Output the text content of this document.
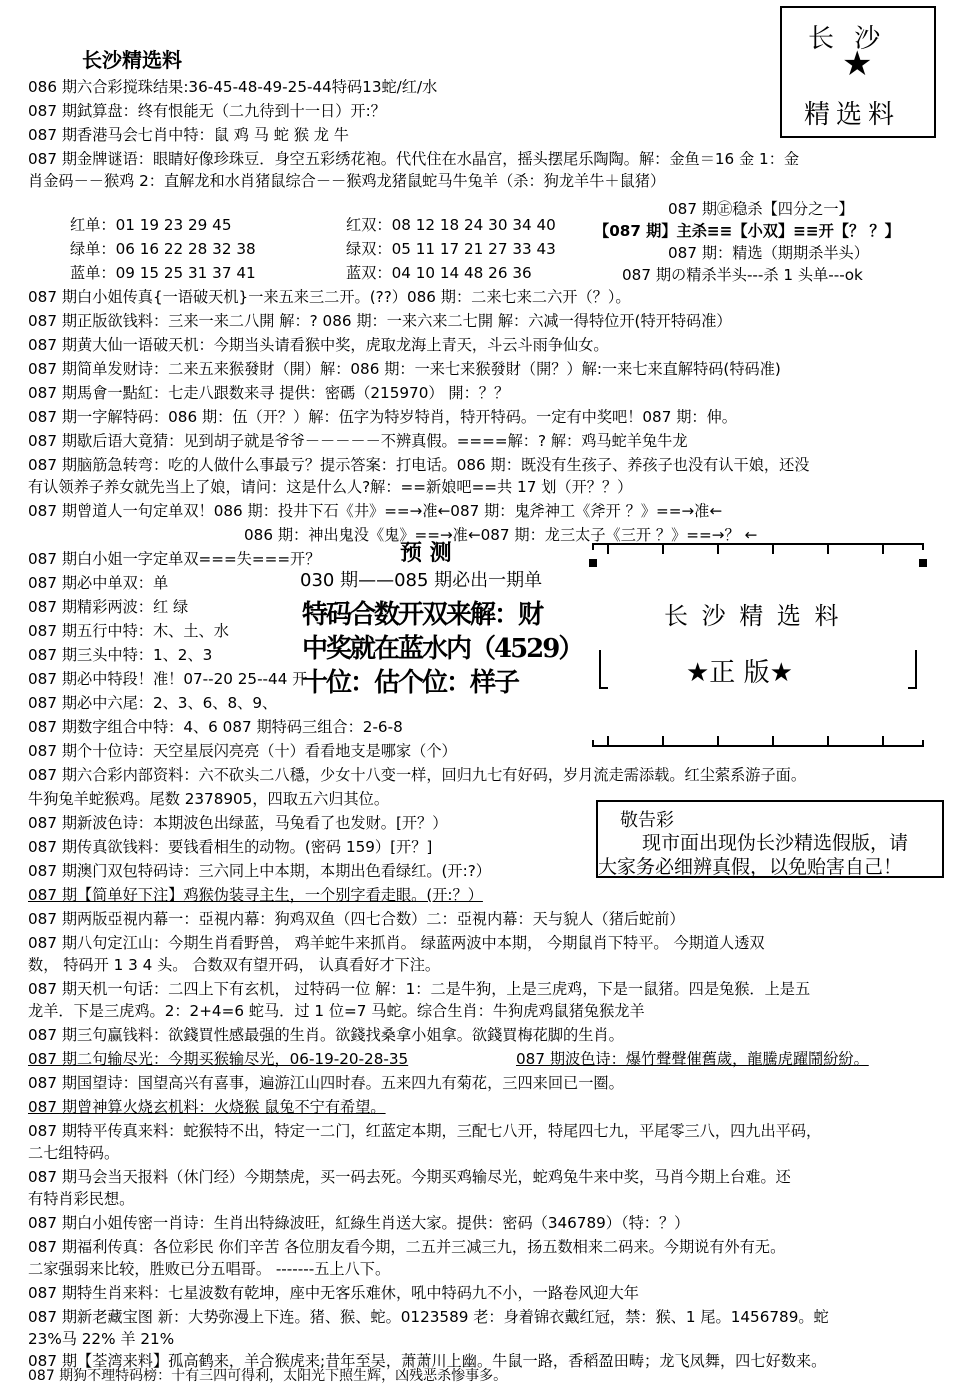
长沙精选料
长 沙
★
精选料
086 期六合彩搅珠结果:36-45-48-49-25-44特码13蛇/红/水
087 期鉽算盘：终有恨能无（二九待到十一日）开:？
087 期香港马会七肖中特：鼠 鸡 马 蛇 猴 龙 牛
087 期金牌谜语：眼睛好像珍珠豆．身空五彩绣花袍。代代住在水晶宫，摇头摆尾乐陶陶。解：金鱼＝16 金 1：金
肖金码－－猴鸡 2：直解龙和水肖猪鼠综合－－猴鸡龙猪鼠蛇马牛兔羊（杀：狗龙羊牛＋鼠猪）
红单：01 19 23 29 45
绿单：06 16 22 28 32 38
蓝单：09 15 25 31 37 41
红双：08 12 18 24 30 34 40
绿双：05 11 17 21 27 33 43
蓝双：04 10 14 48 26 36
087 期㊣稳杀【四分之一】
【087 期】主杀≡≡【小双】≡≡开【？ ？】
087 期：精选（期期杀半头）
087 期の精杀半头---杀 1 头单---ok
087 期白小姐传真{一语破天机}一来五来三二开。(??）086 期：二来七来二六开（？）。
087 期正版欲钱料：三来一来二八開 解：? 086 期：一来六来二七開 解：六减一得特位开(特开特码准）
087 期黄大仙一语破天机：今期当头请看猴中奖，虎取龙海上青天，斗云斗雨争仙女。
087 期简单发财诗：二来五来猴發財（開）解：086 期：一来七来猴發財（開？）解:一来七来直解特码(特码准)
087 期馬會一點紅：七走八跟数来寻 提供：密碼（215970） 開：？？
087 期一字解特码：086 期：伍（开？）解：伍字为特岁特肖，特开特码。一定有中奖吧！087 期：伸。
087 期歇后语大竟猜：见到胡子就是爷爷－－－－－不辨真假。====解：? 解：鸡马蛇羊兔牛龙
087 期脑筋急转弯：吃的人做什么事最亏？提示答案：打电话。086 期：既没有生孩子、养孩子也没有认干娘，还没
有认领养子养女就先当上了娘，请问：这是什么人?解：==新娘吧==共 17 划（开？？）
087 期曾道人一句定单双！086 期：投井下石《井》==→准←087 期：鬼斧神工《斧开 ？》==→准←
086 期：神出鬼没《鬼》==→准←087 期：龙三太子《三开 ？》==→？ ←
087 期白小姐一字定单双===失===开？
087 期必中单双：单
087 期精彩两波：红 绿
087 期五行中特：木、土、水
087 期三头中特：1、2、3
087 期必中特段！准！07--20 25--44 开
087 期必中六尾：2、3、6、8、9、
087 期数字组合中特：4、6 087 期特码三组合：2-6-8
预 测
030 期——085 期必出一期单
特码合数开双来解：财
中奖就在蓝水内（4529）
十位：估个位：样子
长 沙 精 选 料
★正 版★
087 期个十位诗：天空星辰闪亮亮（十）看看地支是哪家（个）
087 期六合彩内部资料：六不砍头二八穩，少女十八变一样，回归九七有好码，岁月流走需添载。红尘萦系游子面。
牛狗兔羊蛇猴鸡。尾数 2378905，四取五六归其位。
087 期新波色诗：本期波色出绿蓝，马兔看了也发财。[开？）
087 期传真欲钱料：要钱看相生的动物。(密码 159）[开？]
087 期澳门双包特码诗：三六同上中本期，本期出色看绿红。(开:?）
087 期【简单好下注】鸡猴伪装寻主生，一个别字看走眼。(开:？）
敬告彩
现市面出现伪长沙精选假版，请
大家务必细辨真假，以免贻害自己！
087 期两版亞視内幕一：亞視内幕：狗鸡双鱼（四七合数）二：亞視内幕：天与貌人（猪后蛇前）
087 期八句定江山：今期生肖看野兽， 鸡羊蛇牛来抓肖。 绿蓝两波中本期， 今期鼠肖下特平。 今期道人透双
数， 特码开 1 3 4 头。 合数双有望开码， 认真看好才下注。
087 期天机一句话：二四上下有玄机， 过特码一位 解：1：二是牛狗，上是三虎鸡，下是一鼠猪。四是兔猴．上是五
龙羊．下是三虎鸡。2：2+4=6 蛇马．过 1 位=7 马蛇。综合生肖：牛狗虎鸡鼠猪兔猴龙羊
087 期三句赢钱料：欲錢買性感最强的生肖。欲錢找桑拿小姐拿。欲錢買梅花脚的生肖。
087 期二句输尽光：今期买猴输尽光，06-19-20-28-35	087 期波色诗：爆竹聲聲催舊歲，龍騰虎躍鬧紛紛。
087 期国望诗：国望高兴有喜事，遍游江山四时春。五来四九有菊花，三四来回已一圈。
087 期曾神算火烧玄机料：火烧猴 鼠兔不宁有希望。
087 期特平传真来料：蛇猴特不出，特定一二门，红蓝定本期，三配七八开，特尾四七九，平尾零三八，四九出平码，
二七组特码。
087 期马会当天报料（休门经）今期禁虎，买一码去死。今期买鸡输尽光，蛇鸡兔牛来中奖，马肖今期上台难。还
有特肖彩民想。
087 期白小姐传密一肖诗：生肖出特綠波旺，紅綠生肖送大家。提供：密码（346789）（特：？）
087 期福利传真：各位彩民 你们辛苦 各位朋友看今期，二五并三减三九，扬五数相来二码来。今期说有外有无。
二家强弱来比较，胜败已分五唱哥。 -------五上八下。
087 期特生肖来料：七星波数有乾坤，座中无客乐难休，吼中特码九不小，一路卷风迎大年
087 期新老藏宝图 新：大势弥漫上下连。猪、猴、蛇。0123589 老：身着锦衣戴红冠，禁：猴、1 尾。1456789。蛇
23%马 22% 羊 21%
087 期【荃湾来料】孤高鹤来，羊合猴虎来;昔年至吴，萧萧川上幽。牛鼠一路，香稻盈田畴；龙飞凤舞，四七好数来。
087 期狗不理特码榜：十有三四可得利，太阳光下照生辉，凶残恶杀惨事多。
